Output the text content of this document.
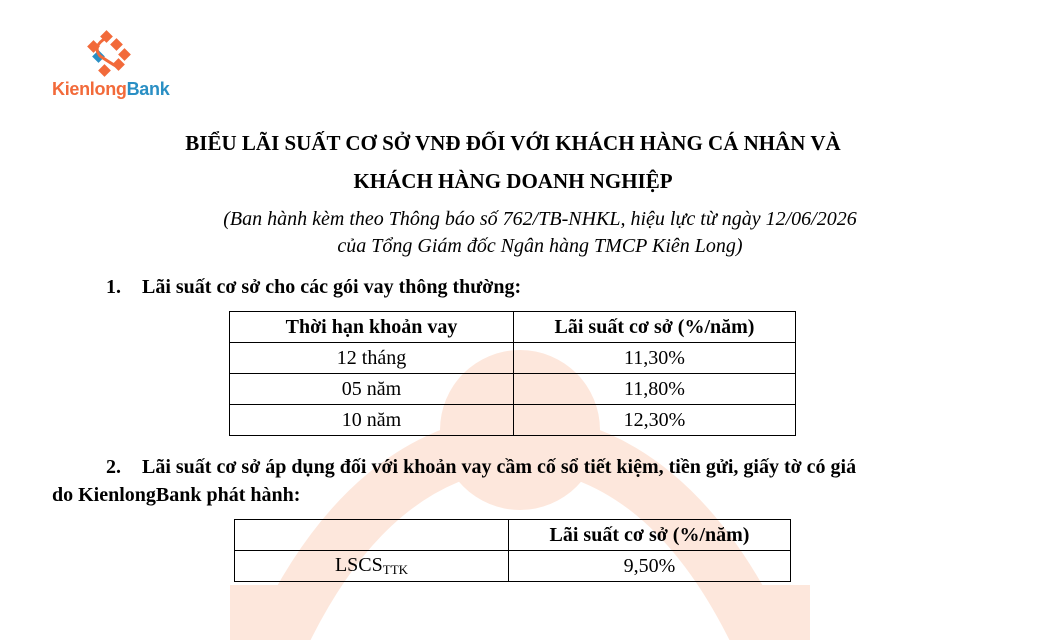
KienlongBank
BIỂU LÃI SUẤT CƠ SỞ VNĐ ĐỐI VỚI KHÁCH HÀNG CÁ NHÂN VÀ
KHÁCH HÀNG DOANH NGHIỆP
(Ban hành kèm theo Thông báo số 762/TB-NHKL, hiệu lực từ ngày 12/06/2026
của Tổng Giám đốc Ngân hàng TMCP Kiên Long)
1. Lãi suất cơ sở cho các gói vay thông thường:
Thời hạn khoản vay	Lãi suất cơ sở (%/năm)
12 tháng	11,30%
05 năm	11,80%
10 năm	12,30%
2. Lãi suất cơ sở áp dụng đối với khoản vay cầm cố sổ tiết kiệm, tiền gửi, giấy tờ có giá
do KienlongBank phát hành:
	Lãi suất cơ sở (%/năm)
$LSCS_{TTK}$	9,50%
